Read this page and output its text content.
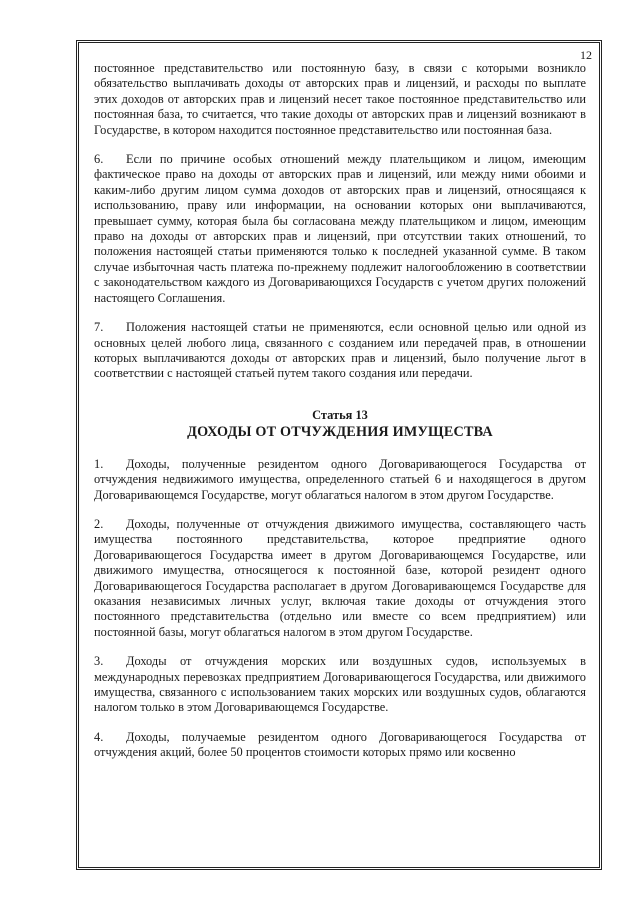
12

постоянное представительство или постоянную базу, в связи с которыми возникло обязательство выплачивать доходы от авторских прав и лицензий, и расходы по выплате этих доходов от авторских прав и лицензий несет такое постоянное представительство или постоянная база, то считается, что такие доходы от авторских прав и лицензий возникают в Государстве, в котором находится постоянное представительство или постоянная база.

6. Если по причине особых отношений между плательщиком и лицом, имеющим фактическое право на доходы от авторских прав и лицензий, или между ними обоими и каким-либо другим лицом сумма доходов от авторских прав и лицензий, относящаяся к использованию, праву или информации, на основании которых они выплачиваются, превышает сумму, которая была бы согласована между плательщиком и лицом, имеющим право на доходы от авторских прав и лицензий, при отсутствии таких отношений, то положения настоящей статьи применяются только к последней указанной сумме. В таком случае избыточная часть платежа по-прежнему подлежит налогообложению в соответствии с законодательством каждого из Договаривающихся Государств с учетом других положений настоящего Соглашения.

7. Положения настоящей статьи не применяются, если основной целью или одной из основных целей любого лица, связанного с созданием или передачей прав, в отношении которых выплачиваются доходы от авторских прав и лицензий, было получение льгот в соответствии с настоящей статьей путем такого создания или передачи.

Статья 13
ДОХОДЫ ОТ ОТЧУЖДЕНИЯ ИМУЩЕСТВА

1. Доходы, полученные резидентом одного Договаривающегося Государства от отчуждения недвижимого имущества, определенного статьей 6 и находящегося в другом Договаривающемся Государстве, могут облагаться налогом в этом другом Государстве.

2. Доходы, полученные от отчуждения движимого имущества, составляющего часть имущества постоянного представительства, которое предприятие одного Договаривающегося Государства имеет в другом Договаривающемся Государстве, или движимого имущества, относящегося к постоянной базе, которой резидент одного Договаривающегося Государства располагает в другом Договаривающемся Государстве для оказания независимых личных услуг, включая такие доходы от отчуждения этого постоянного представительства (отдельно или вместе со всем предприятием) или постоянной базы, могут облагаться налогом в этом другом Государстве.

3. Доходы от отчуждения морских или воздушных судов, используемых в международных перевозках предприятием Договаривающегося Государства, или движимого имущества, связанного с использованием таких морских или воздушных судов, облагаются налогом только в этом Договаривающемся Государстве.

4. Доходы, получаемые резидентом одного Договаривающегося Государства от отчуждения акций, более 50 процентов стоимости которых прямо или косвенно
